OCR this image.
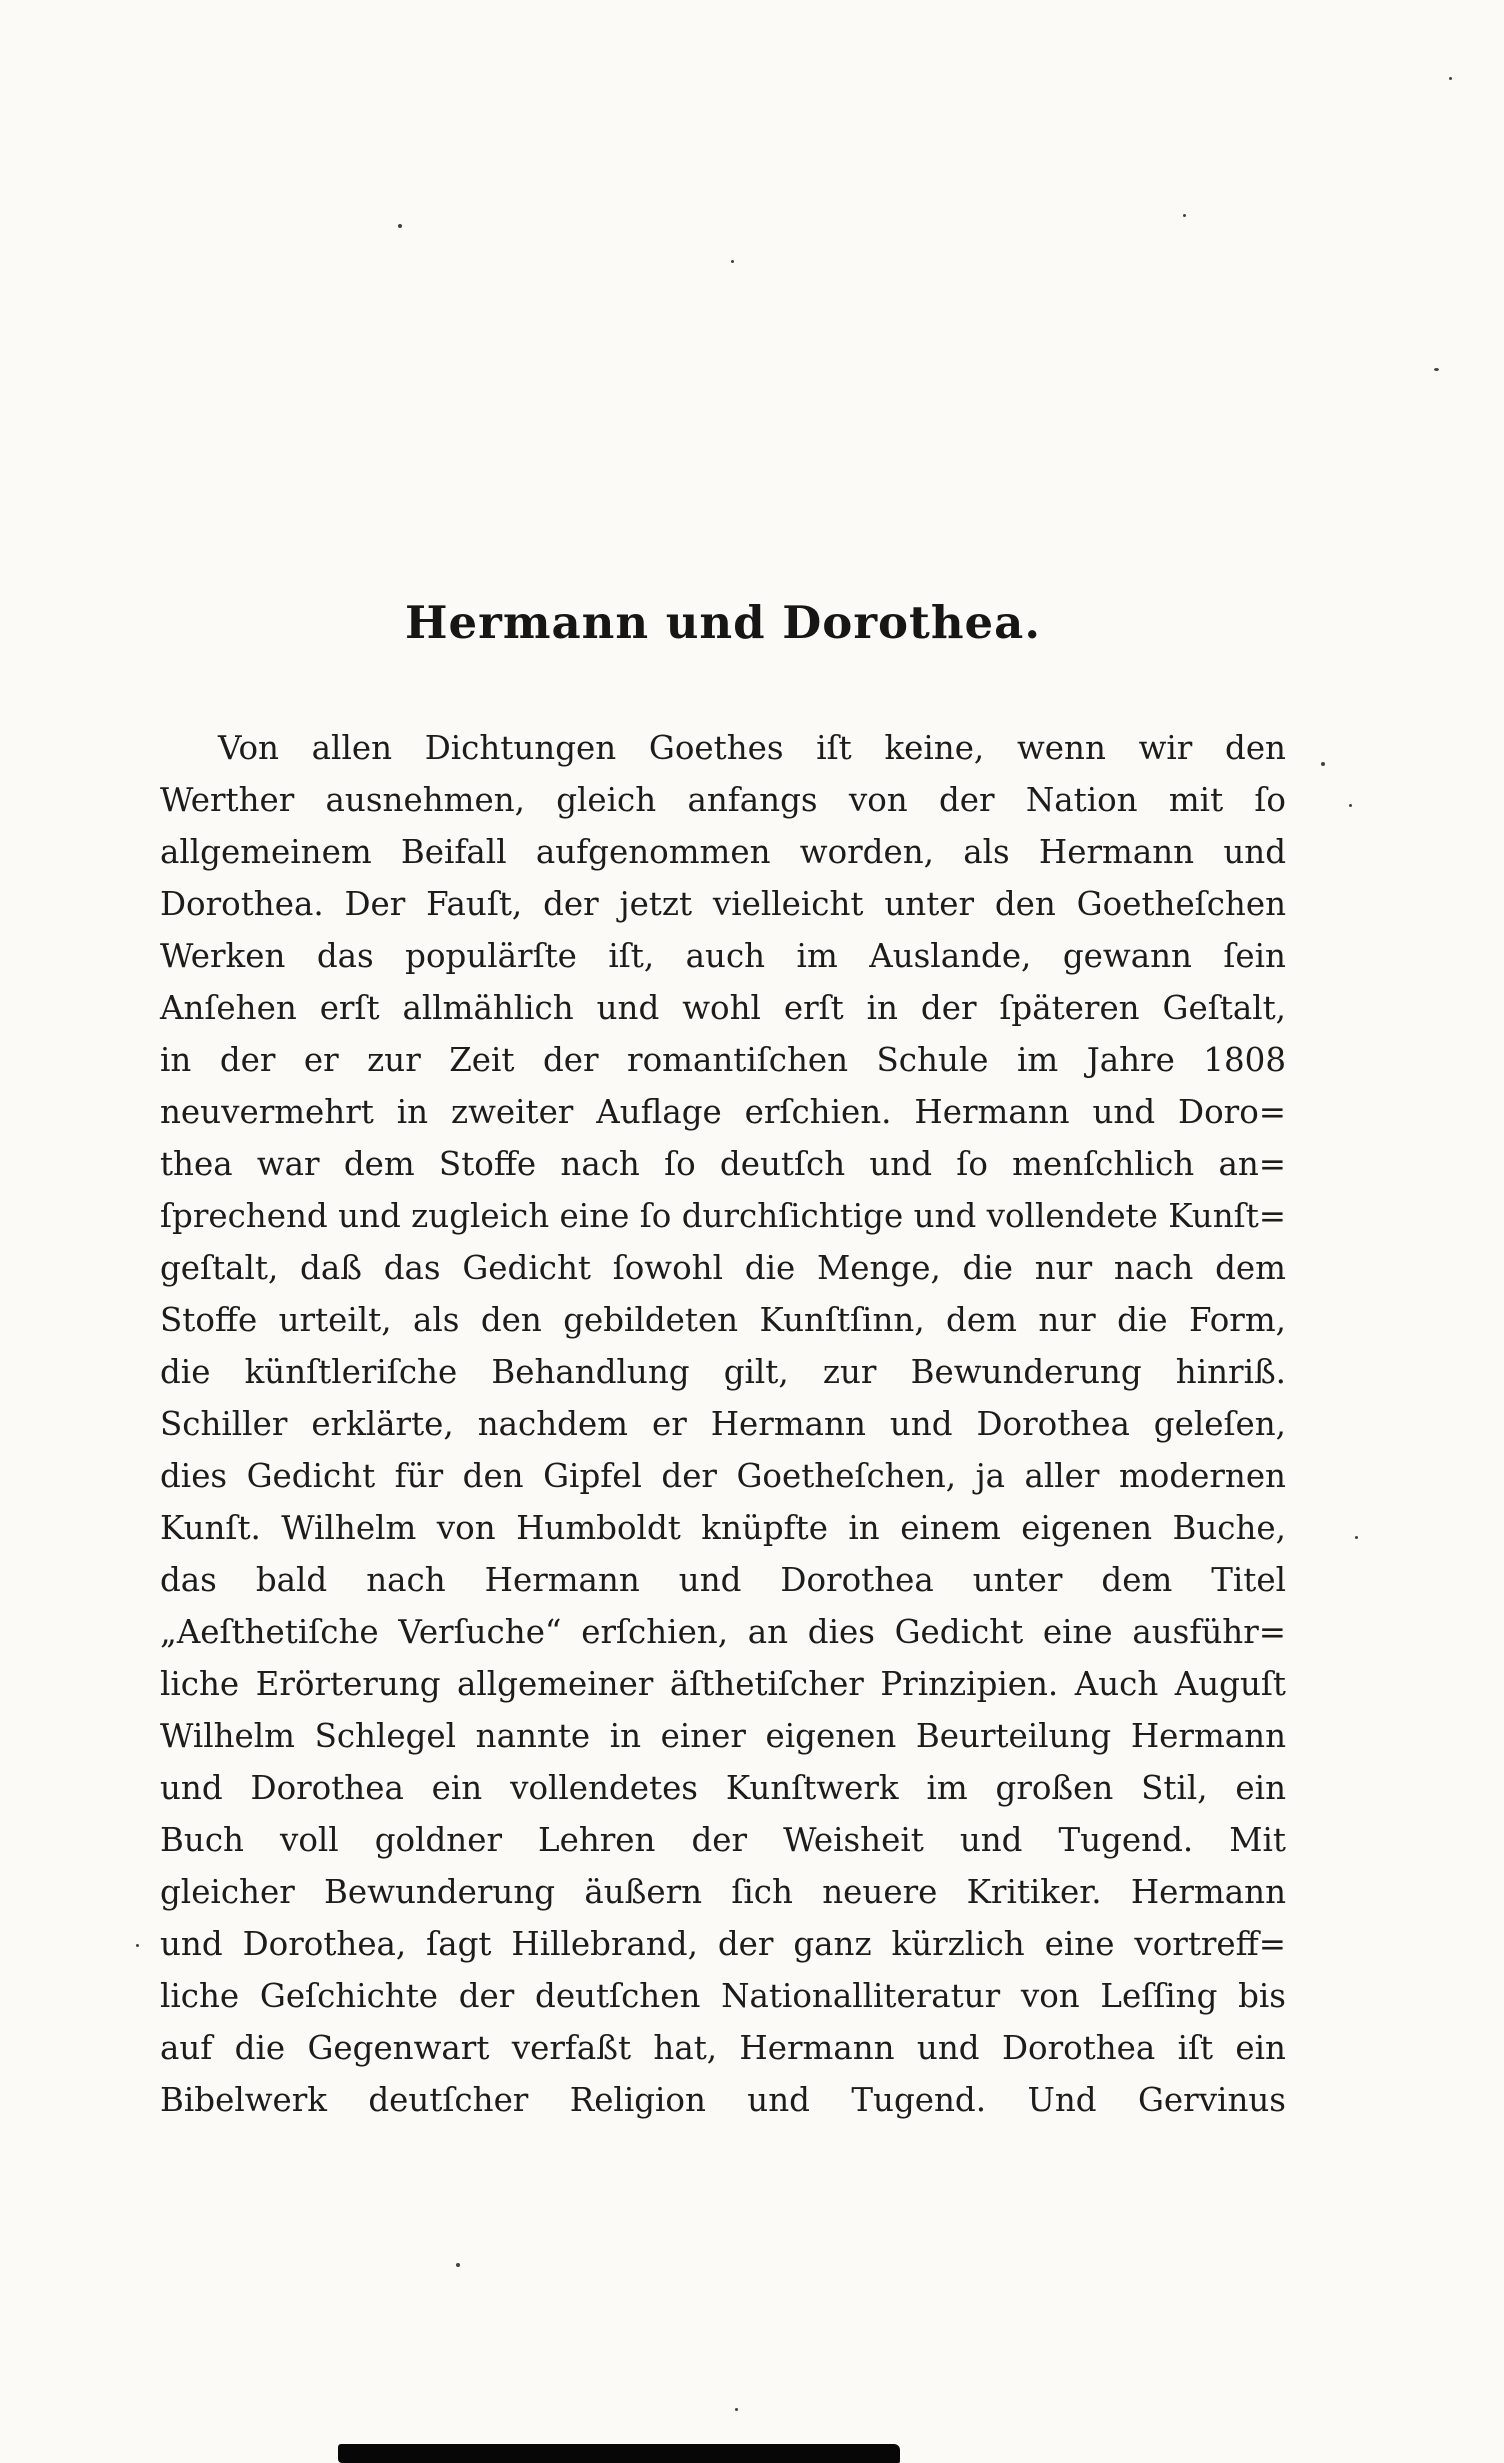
Hermann und Dorothea.
Von allen Dichtungen Goethes iſt keine, wenn wir den
Werther ausnehmen, gleich anfangs von der Nation mit ſo
allgemeinem Beifall aufgenommen worden, als Hermann und
Dorothea. Der Fauſt, der jetzt vielleicht unter den Goetheſchen
Werken das populärſte iſt, auch im Auslande, gewann ſein
Anſehen erſt allmählich und wohl erſt in der ſpäteren Geſtalt,
in der er zur Zeit der romantiſchen Schule im Jahre 1808
neuvermehrt in zweiter Auflage erſchien. Hermann und Doro=
thea war dem Stoffe nach ſo deutſch und ſo menſchlich an=
ſprechend und zugleich eine ſo durchſichtige und vollendete Kunſt=
geſtalt, daß das Gedicht ſowohl die Menge, die nur nach dem
Stoffe urteilt, als den gebildeten Kunſtſinn, dem nur die Form,
die künſtleriſche Behandlung gilt, zur Bewunderung hinriß.
Schiller erklärte, nachdem er Hermann und Dorothea geleſen,
dies Gedicht für den Gipfel der Goetheſchen, ja aller modernen
Kunſt. Wilhelm von Humboldt knüpfte in einem eigenen Buche,
das bald nach Hermann und Dorothea unter dem Titel
„Aeſthetiſche Verſuche“ erſchien, an dies Gedicht eine ausführ=
liche Erörterung allgemeiner äſthetiſcher Prinzipien. Auch Auguſt
Wilhelm Schlegel nannte in einer eigenen Beurteilung Hermann
und Dorothea ein vollendetes Kunſtwerk im großen Stil, ein
Buch voll goldner Lehren der Weisheit und Tugend. Mit
gleicher Bewunderung äußern ſich neuere Kritiker. Hermann
und Dorothea, ſagt Hillebrand, der ganz kürzlich eine vortreff=
liche Geſchichte der deutſchen Nationalliteratur von Leſſing bis
auf die Gegenwart verfaßt hat, Hermann und Dorothea iſt ein
Bibelwerk deutſcher Religion und Tugend. Und Gervinus
